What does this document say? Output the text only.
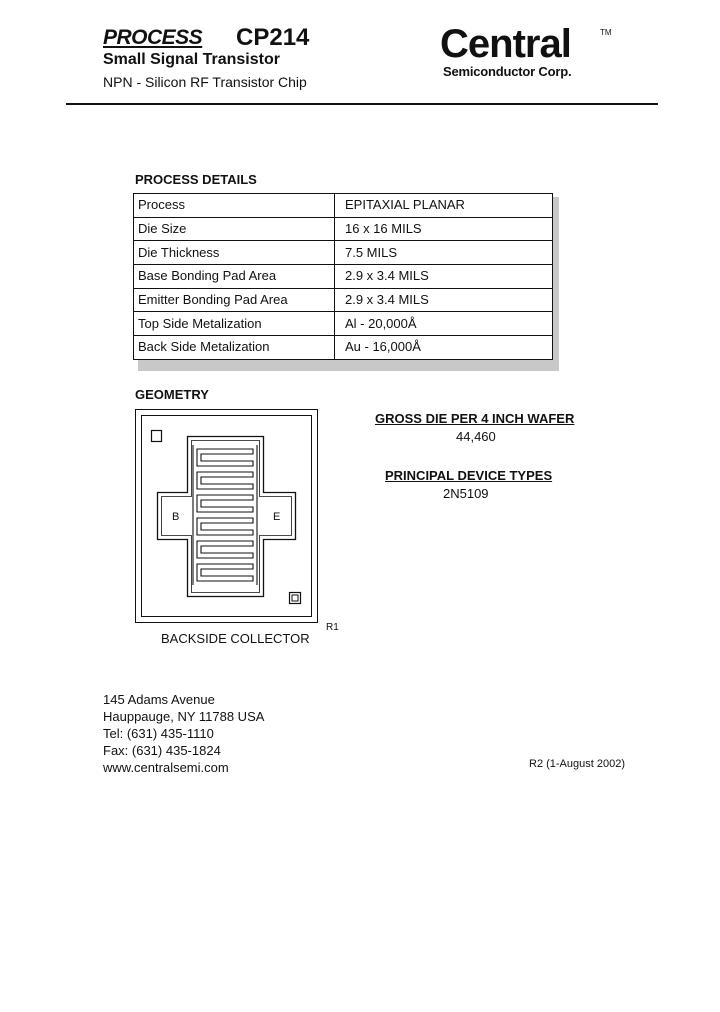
PROCESS CP214
Small Signal Transistor
NPN - Silicon RF Transistor Chip
Central	TM
Semiconductor Corp.
PROCESS DETAILS
Process	EPITAXIAL PLANAR
Die Size	16 x 16 MILS
Die Thickness	7.5 MILS
Base Bonding Pad Area	2.9 x 3.4 MILS
Emitter Bonding Pad Area	2.9 x 3.4 MILS
Top Side Metalization	Al - 20,000Å
Back Side Metalization	Au - 16,000Å
GEOMETRY
B	E
R1
BACKSIDE COLLECTOR
GROSS DIE PER 4 INCH WAFER
44,460
PRINCIPAL DEVICE TYPES
2N5109
145 Adams Avenue
Hauppauge, NY 11788 USA
Tel: (631) 435-1110
Fax: (631) 435-1824
www.centralsemi.com	R2 (1-August 2002)
